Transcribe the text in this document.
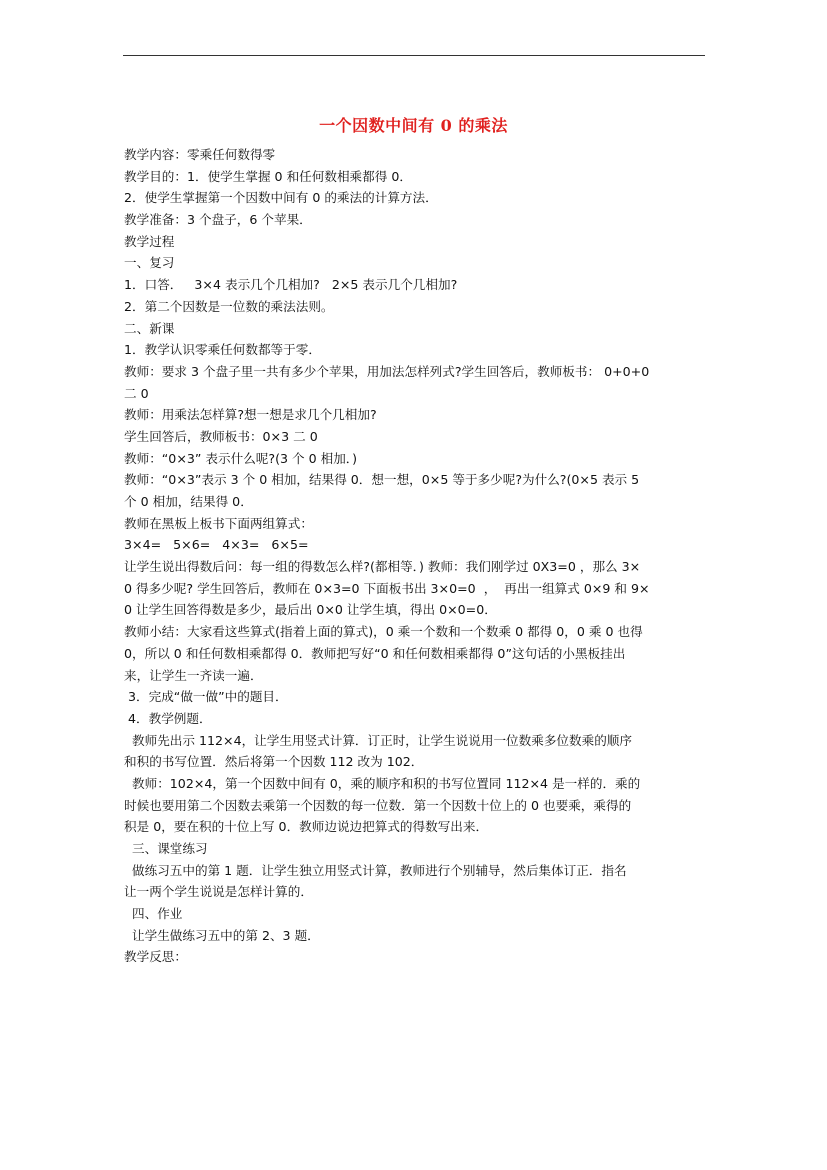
一个因数中间有 0 的乘法
教学内容：零乘任何数得零
教学目的：1．使学生掌握 0 和任何数相乘都得 0．
2．使学生掌握第一个因数中间有 0 的乘法的计算方法．
教学准备：3 个盘子，6 个苹果．
教学过程
一、复习
1．口答．   3×4 表示几个几相加?   2×5 表示几个几相加?
2．第二个因数是一位数的乘法法则。
二、新课
1．教学认识零乘任何数都等于零．
教师：要求 3 个盘子里一共有多少个苹果，用加法怎样列式?学生回答后，教师板书： 0+0+0
二 0
教师：用乘法怎样算?想一想是求几个几相加?
学生回答后，教师板书：0×3 二 0
教师：“0×3” 表示什么呢?(3 个 0 相加．)
教师：“0×3”表示 3 个 0 相加，结果得 0．想一想，0×5 等于多少呢?为什么?(0×5 表示 5
个 0 相加，结果得 0．
教师在黑板上板书下面两组算式：
3×4=   5×6=   4×3=   6×5=
让学生说出得数后问：每一组的得数怎么样?(都相等．) 教师：我们刚学过 0X3=0 ，那么 3×
0 得多少呢? 学生回答后，教师在 0×3=0 下面板书出 3×0=0  ，  再出一组算式 0×9 和 9×
0 让学生回答得数是多少，最后出 0×0 让学生填，得出 0×0=0．
教师小结：大家看这些算式(指着上面的算式)，0 乘一个数和一个数乘 0 都得 0，0 乘 0 也得
0，所以 0 和任何数相乘都得 0．教师把写好“0 和任何数相乘都得 0”这句话的小黑板挂出
来，让学生一齐读一遍．
3．完成“做一做”中的题目．
4．教学例题．
教师先出示 112×4，让学生用竖式计算．订正时，让学生说说用一位数乘多位数乘的顺序
和积的书写位置．然后将第一个因数 112 改为 102．
教师：102×4，第一个因数中间有 0，乘的顺序和积的书写位置同 112×4 是一样的．乘的
时候也要用第二个因数去乘第一个因数的每一位数．第一个因数十位上的 0 也要乘，乘得的
积是 0，要在积的十位上写 0．教师边说边把算式的得数写出来．
三、课堂练习
做练习五中的第 1 题．让学生独立用竖式计算，教师进行个别辅导，然后集体订正．指名
让一两个学生说说是怎样计算的．
四、作业
让学生做练习五中的第 2、3 题．
教学反思：
